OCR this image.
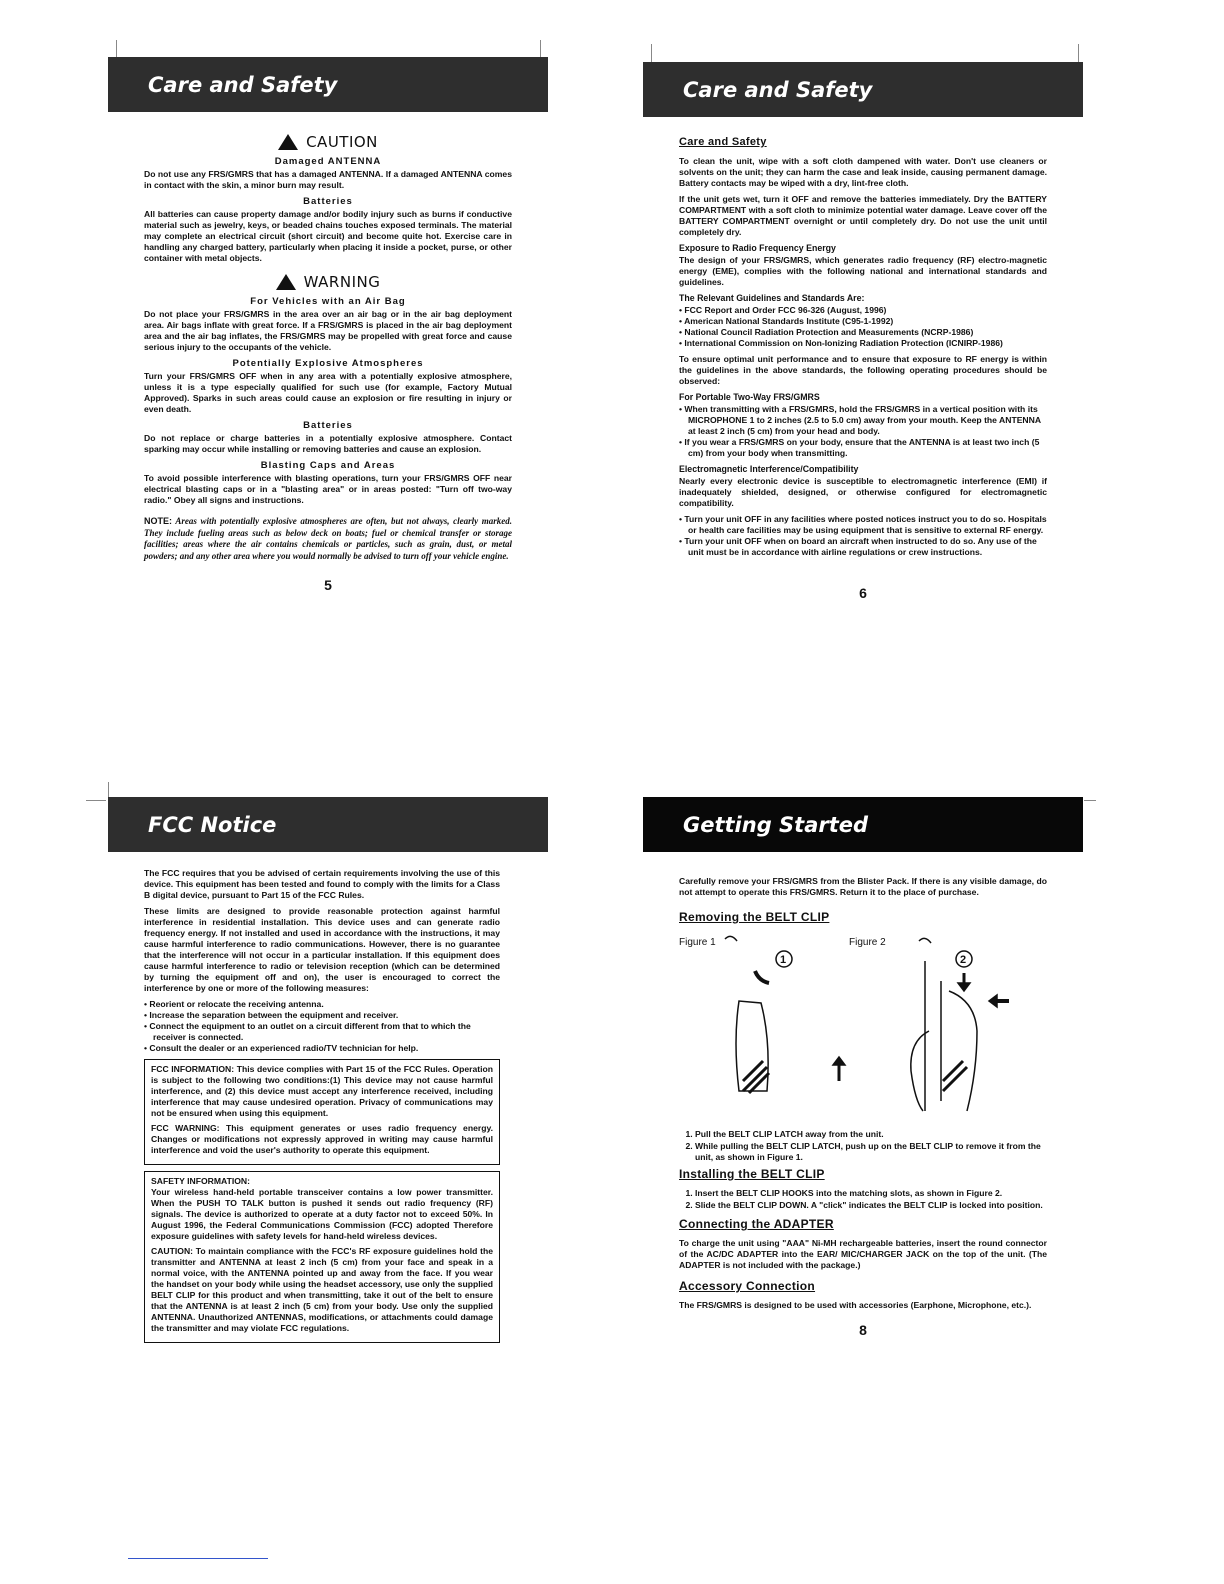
Care and Safety
CAUTION
Damaged ANTENNA

Do not use any FRS/GMRS that has a damaged ANTENNA. If a damaged ANTENNA comes in contact with the skin, a minor burn may result.

Batteries

All batteries can cause property damage and/or bodily injury such as burns if conductive material such as jewelry, keys, or beaded chains touches exposed terminals. The material may complete an electrical circuit (short circuit) and become quite hot. Exercise care in handling any charged battery, particularly when placing it inside a pocket, purse, or other container with metal objects.

WARNING
For Vehicles with an Air Bag

Do not place your FRS/GMRS in the area over an air bag or in the air bag deployment area. Air bags inflate with great force. If a FRS/GMRS is placed in the air bag deployment area and the air bag inflates, the FRS/GMRS may be propelled with great force and cause serious injury to the occupants of the vehicle.

Potentially Explosive Atmospheres

Turn your FRS/GMRS OFF when in any area with a potentially explosive atmosphere, unless it is a type especially qualified for such use (for example, Factory Mutual Approved). Sparks in such areas could cause an explosion or fire resulting in injury or even death.

Batteries

Do not replace or charge batteries in a potentially explosive atmosphere. Contact sparking may occur while installing or removing batteries and cause an explosion.

Blasting Caps and Areas

To avoid possible interference with blasting operations, turn your FRS/GMRS OFF near electrical blasting caps or in a "blasting area" or in areas posted: "Turn off two-way radio." Obey all signs and instructions.

NOTE: Areas with potentially explosive atmospheres are often, but not always, clearly marked. They include fueling areas such as below deck on boats; fuel or chemical transfer or storage facilities; areas where the air contains chemicals or particles, such as grain, dust, or metal powders; and any other area where you would normally be advised to turn off your vehicle engine.

5
Care and Safety
Care and Safety

To clean the unit, wipe with a soft cloth dampened with water. Don't use cleaners or solvents on the unit; they can harm the case and leak inside, causing permanent damage. Battery contacts may be wiped with a dry, lint-free cloth.

If the unit gets wet, turn it OFF and remove the batteries immediately. Dry the BATTERY COMPARTMENT with a soft cloth to minimize potential water damage. Leave cover off the BATTERY COMPARTMENT overnight or until completely dry. Do not use the unit until completely dry.

Exposure to Radio Frequency Energy

The design of your FRS/GMRS, which generates radio frequency (RF) electro-magnetic energy (EME), complies with the following national and international standards and guidelines.

The Relevant Guidelines and Standards Are:
• FCC Report and Order FCC 96-326 (August, 1996)
• American National Standards Institute (C95-1-1992)
• National Council Radiation Protection and Measurements (NCRP-1986)
• International Commission on Non-Ionizing Radiation Protection (ICNIRP-1986)

To ensure optimal unit performance and to ensure that exposure to RF energy is within the guidelines in the above standards, the following operating procedures should be observed:

For Portable Two-Way FRS/GMRS
• When transmitting with a FRS/GMRS, hold the FRS/GMRS in a vertical position with its MICROPHONE 1 to 2 inches (2.5 to 5.0 cm) away from your mouth. Keep the ANTENNA at least 2 inch (5 cm) from your head and body.
• If you wear a FRS/GMRS on your body, ensure that the ANTENNA is at least two inch (5 cm) from your body when transmitting.
Electromagnetic Interference/Compatibility

Nearly every electronic device is susceptible to electromagnetic interference (EMI) if inadequately shielded, designed, or otherwise configured for electromagnetic compatibility.

• Turn your unit OFF in any facilities where posted notices instruct you to do so. Hospitals or health care facilities may be using equipment that is sensitive to external RF energy.
• Turn your unit OFF when on board an aircraft when instructed to do so. Any use of the unit must be in accordance with airline regulations or crew instructions.
6
FCC Notice

The FCC requires that you be advised of certain requirements involving the use of this device. This equipment has been tested and found to comply with the limits for a Class B digital device, pursuant to Part 15 of the FCC Rules.

These limits are designed to provide reasonable protection against harmful interference in residential installation. This device uses and can generate radio frequency energy. If not installed and used in accordance with the instructions, it may cause harmful interference to radio communications. However, there is no guarantee that the interference will not occur in a particular installation. If this equipment does cause harmful interference to radio or television reception (which can be determined by turning the equipment off and on), the user is encouraged to correct the interference by one or more of the following measures:

• Reorient or relocate the receiving antenna.
• Increase the separation between the equipment and receiver.
• Connect the equipment to an outlet on a circuit different from that to which the receiver is connected.
• Consult the dealer or an experienced radio/TV technician for help.

FCC INFORMATION: This device complies with Part 15 of the FCC Rules. Operation is subject to the following two conditions:(1) This device may not cause harmful interference, and (2) this device must accept any interference received, including interference that may cause undesired operation. Privacy of communications may not be ensured when using this equipment.

FCC WARNING: This equipment generates or uses radio frequency energy. Changes or modifications not expressly approved in writing may cause harmful interference and void the user's authority to operate this equipment.

SAFETY INFORMATION:

Your wireless hand-held portable transceiver contains a low power transmitter. When the PUSH TO TALK button is pushed it sends out radio frequency (RF) signals. The device is authorized to operate at a duty factor not to exceed 50%. In August 1996, the Federal Communications Commission (FCC) adopted Therefore exposure guidelines with safety levels for hand-held wireless devices.

CAUTION: To maintain compliance with the FCC's RF exposure guidelines hold the transmitter and ANTENNA at least 2 inch (5 cm) from your face and speak in a normal voice, with the ANTENNA pointed up and away from the face. If you wear the handset on your body while using the headset accessory, use only the supplied BELT CLIP for this product and when transmitting, take it out of the belt to ensure that the ANTENNA is at least 2 inch (5 cm) from your body. Use only the supplied ANTENNA. Unauthorized ANTENNAS, modifications, or attachments could damage the transmitter and may violate FCC regulations.

Getting Started

Carefully remove your FRS/GMRS from the Blister Pack. If there is any visible damage, do not attempt to operate this FRS/GMRS. Return it to the place of purchase.

Removing the BELT CLIP
Figure 1	Figure 2
1	2
1. Pull the BELT CLIP LATCH away from the unit.
2. While pulling the BELT CLIP LATCH, push up on the BELT CLIP to remove it from the unit, as shown in Figure 1.
Installing the BELT CLIP
1. Insert the BELT CLIP HOOKS into the matching slots, as shown in Figure 2.
2. Slide the BELT CLIP DOWN. A "click" indicates the BELT CLIP is locked into position.
Connecting the ADAPTER

To charge the unit using "AAA" Ni-MH rechargeable batteries, insert the round connector of the AC/DC ADAPTER into the EAR/ MIC/CHARGER JACK on the top of the unit. (The ADAPTER is not included with the package.)

Accessory Connection

The FRS/GMRS is designed to be used with accessories (Earphone, Microphone, etc.).

8
